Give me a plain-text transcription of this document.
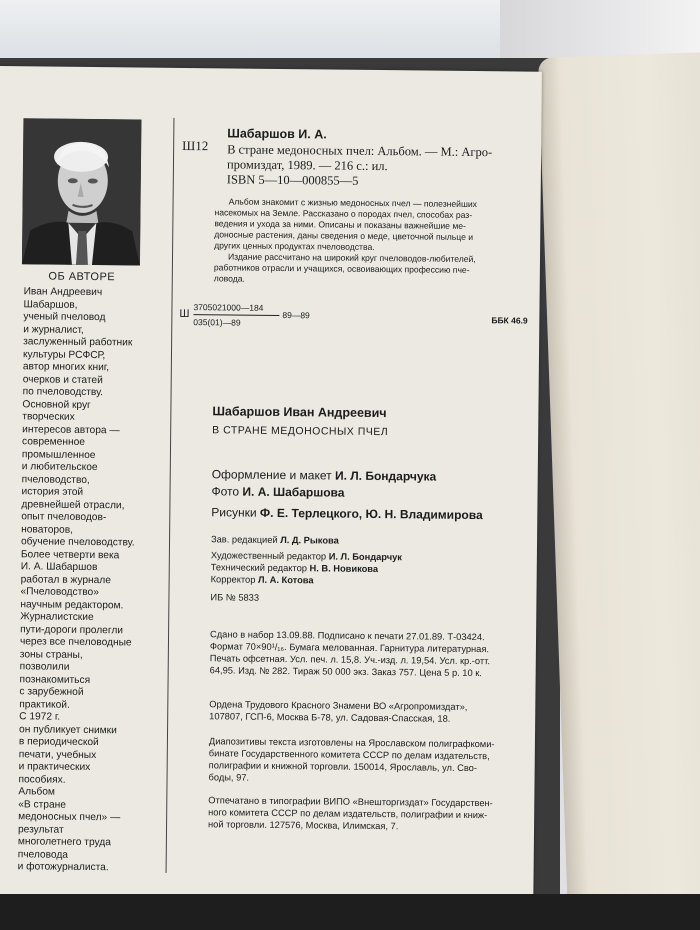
ОБ АВТОРЕ
Иван Андреевич
Шабаршов,
ученый пчеловод
и журналист,
заслуженный работник
культуры РСФСР,
автор многих книг,
очерков и статей
по пчеловодству.
Основной круг
творческих
интересов автора —
современное
промышленное
и любительское
пчеловодство,
история этой
древнейшей отрасли,
опыт пчеловодов-
новаторов,
обучение пчеловодству.
Более четверти века
И. А. Шабаршов
работал в журнале
«Пчеловодство»
научным редактором.
Журналистские
пути-дороги пролегли
через все пчеловодные
зоны страны,
позволили
познакомиться
с зарубежной
практикой.
С 1972 г.
он публикует снимки
в периодической
печати, учебных
и практических
пособиях.
Альбом
«В стране
медоносных пчел» —
результат
многолетнего труда
пчеловода
и фотожурналиста.
Ш12
Шабаршов И. А.
В стране медоносных пчел: Альбом. — М.: Агро-
промиздат, 1989. — 216 с.: ил.
ISBN 5—10—000855—5
Альбом знакомит с жизнью медоносных пчел — полезнейших
насекомых на Земле. Рассказано о породах пчел, способах раз-
ведения и ухода за ними. Описаны и показаны важнейшие ме-
доносные растения, даны сведения о меде, цветочной пыльце и
других ценных продуктах пчеловодства.
Издание рассчитано на широкий круг пчеловодов-любителей,
работников отрасли и учащихся, освоивающих профессию пче-
ловода.
Ш
3705021000—184
035(01)—89
89—89
ББК 46.9
Шабаршов Иван Андреевич
В СТРАНЕ МЕДОНОСНЫХ ПЧЕЛ
Оформление и макет И. Л. Бондарчука
Фото И. А. Шабаршова
Рисунки Ф. Е. Терлецкого, Ю. Н. Владимирова
Зав. редакцией Л. Д. Рыкова
Художественный редактор И. Л. Бондарчук
Технический редактор Н. В. Новикова
Корректор Л. А. Котова
ИБ № 5833
Сдано в набор 13.09.88. Подписано к печати 27.01.89. Т-03424.
Формат 70×90¹/₁₆. Бумага мелованная. Гарнитура литературная.
Печать офсетная. Усл. печ. л. 15,8. Уч.-изд. л. 19,54. Усл. кр.-отт.
64,95. Изд. № 282. Тираж 50 000 экз. Заказ 757. Цена 5 р. 10 к.
Ордена Трудового Красного Знамени ВО «Агропромиздат»,
107807, ГСП-6, Москва Б-78, ул. Садовая-Спасская, 18.
Диапозитивы текста изготовлены на Ярославском полиграфкоми-
бинате Государственного комитета СССР по делам издательств,
полиграфии и книжной торговли. 150014, Ярославль, ул. Сво-
боды, 97.
Отпечатано в типографии ВИПО «Внешторгиздат» Государствен-
ного комитета СССР по делам издательств, полиграфии и книж-
ной торговли. 127576, Москва, Илимская, 7.
